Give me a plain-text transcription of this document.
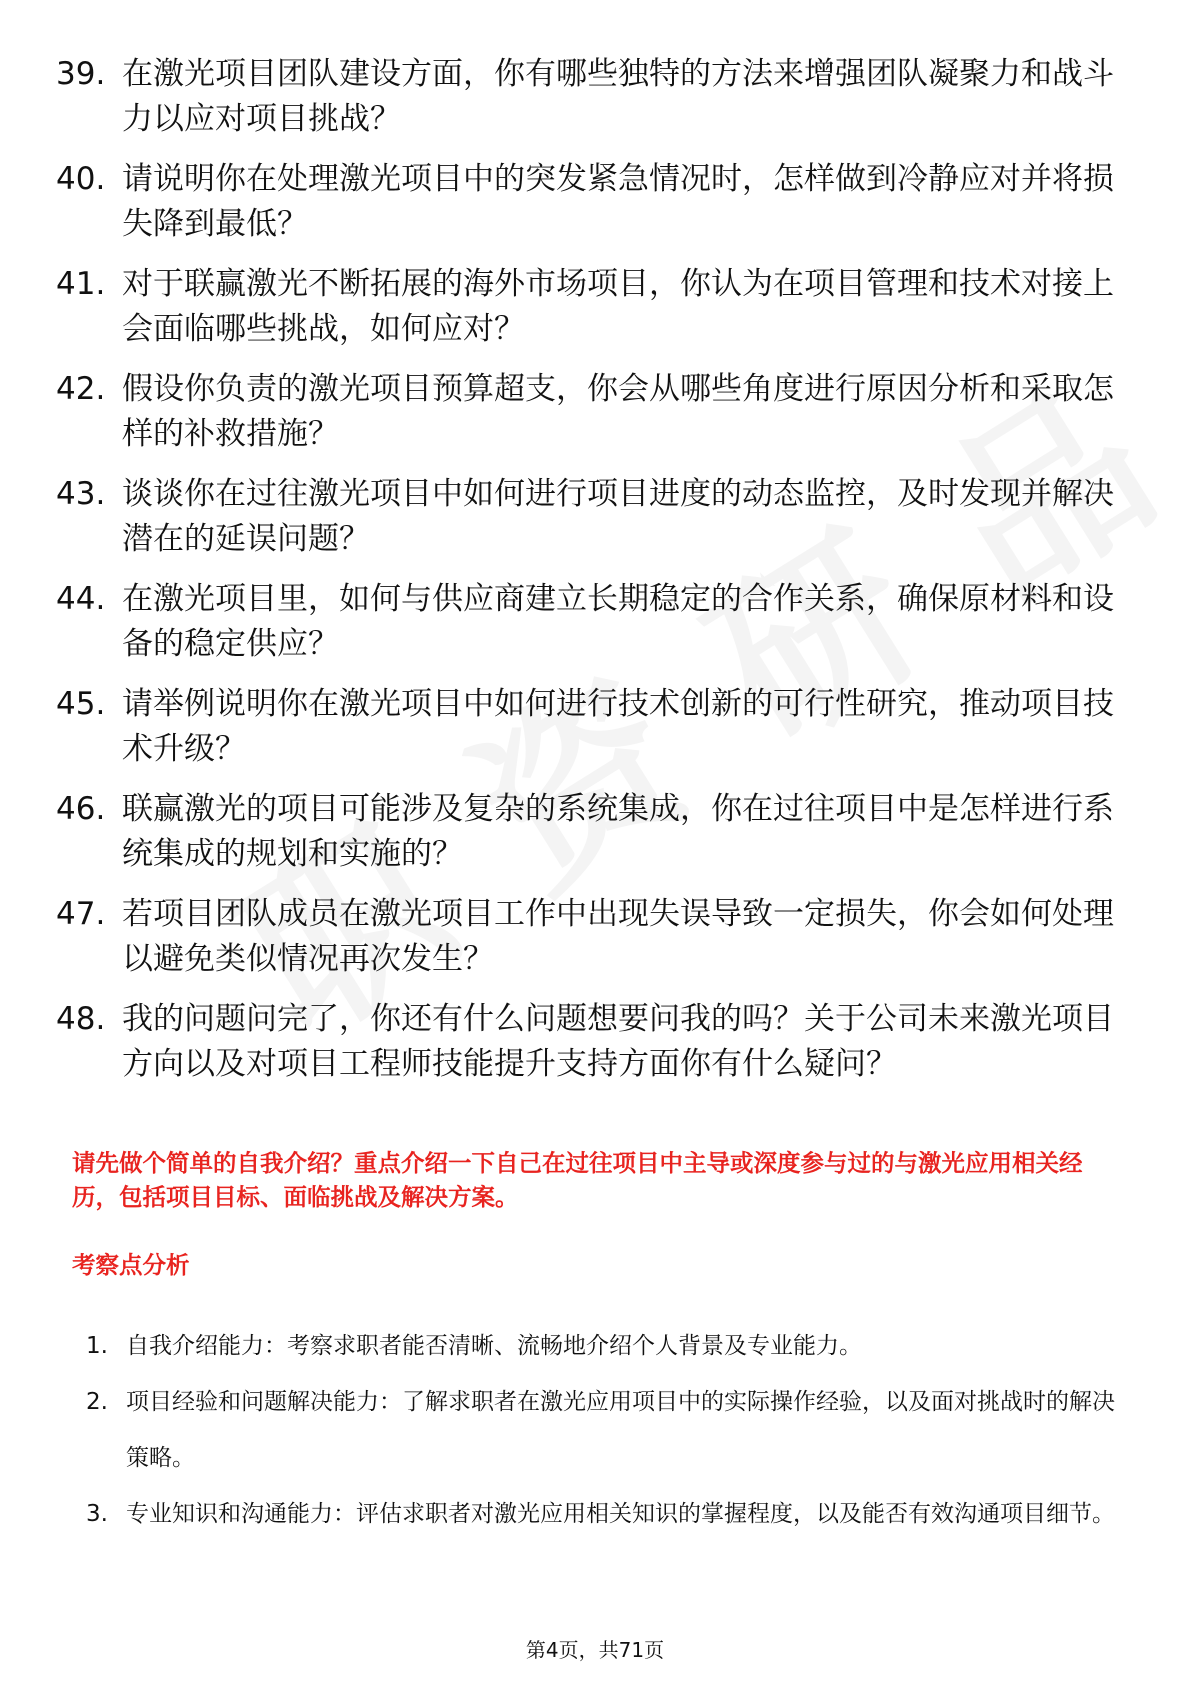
39. 在激光项目团队建设方面，你有哪些独特的方法来增强团队凝聚力和战斗力以应对项目挑战？
40. 请说明你在处理激光项目中的突发紧急情况时，怎样做到冷静应对并将损失降到最低？
41. 对于联赢激光不断拓展的海外市场项目，你认为在项目管理和技术对接上会面临哪些挑战，如何应对？
42. 假设你负责的激光项目预算超支，你会从哪些角度进行原因分析和采取怎样的补救措施？
43. 谈谈你在过往激光项目中如何进行项目进度的动态监控，及时发现并解决潜在的延误问题？
44. 在激光项目里，如何与供应商建立长期稳定的合作关系，确保原材料和设备的稳定供应？
45. 请举例说明你在激光项目中如何进行技术创新的可行性研究，推动项目技术升级？
46. 联赢激光的项目可能涉及复杂的系统集成，你在过往项目中是怎样进行系统集成的规划和实施的？
47. 若项目团队成员在激光项目工作中出现失误导致一定损失，你会如何处理以避免类似情况再次发生？
48. 我的问题问完了，你还有什么问题想要问我的吗？关于公司未来激光项目方向以及对项目工程师技能提升支持方面你有什么疑问？
请先做个简单的自我介绍？重点介绍一下自己在过往项目中主导或深度参与过的与激光应用相关经历，包括项目目标、面临挑战及解决方案。
考察点分析
1. 自我介绍能力：考察求职者能否清晰、流畅地介绍个人背景及专业能力。
2. 项目经验和问题解决能力：了解求职者在激光应用项目中的实际操作经验，以及面对挑战时的解决策略。
3. 专业知识和沟通能力：评估求职者对激光应用相关知识的掌握程度，以及能否有效沟通项目细节。
第4页，共71页
